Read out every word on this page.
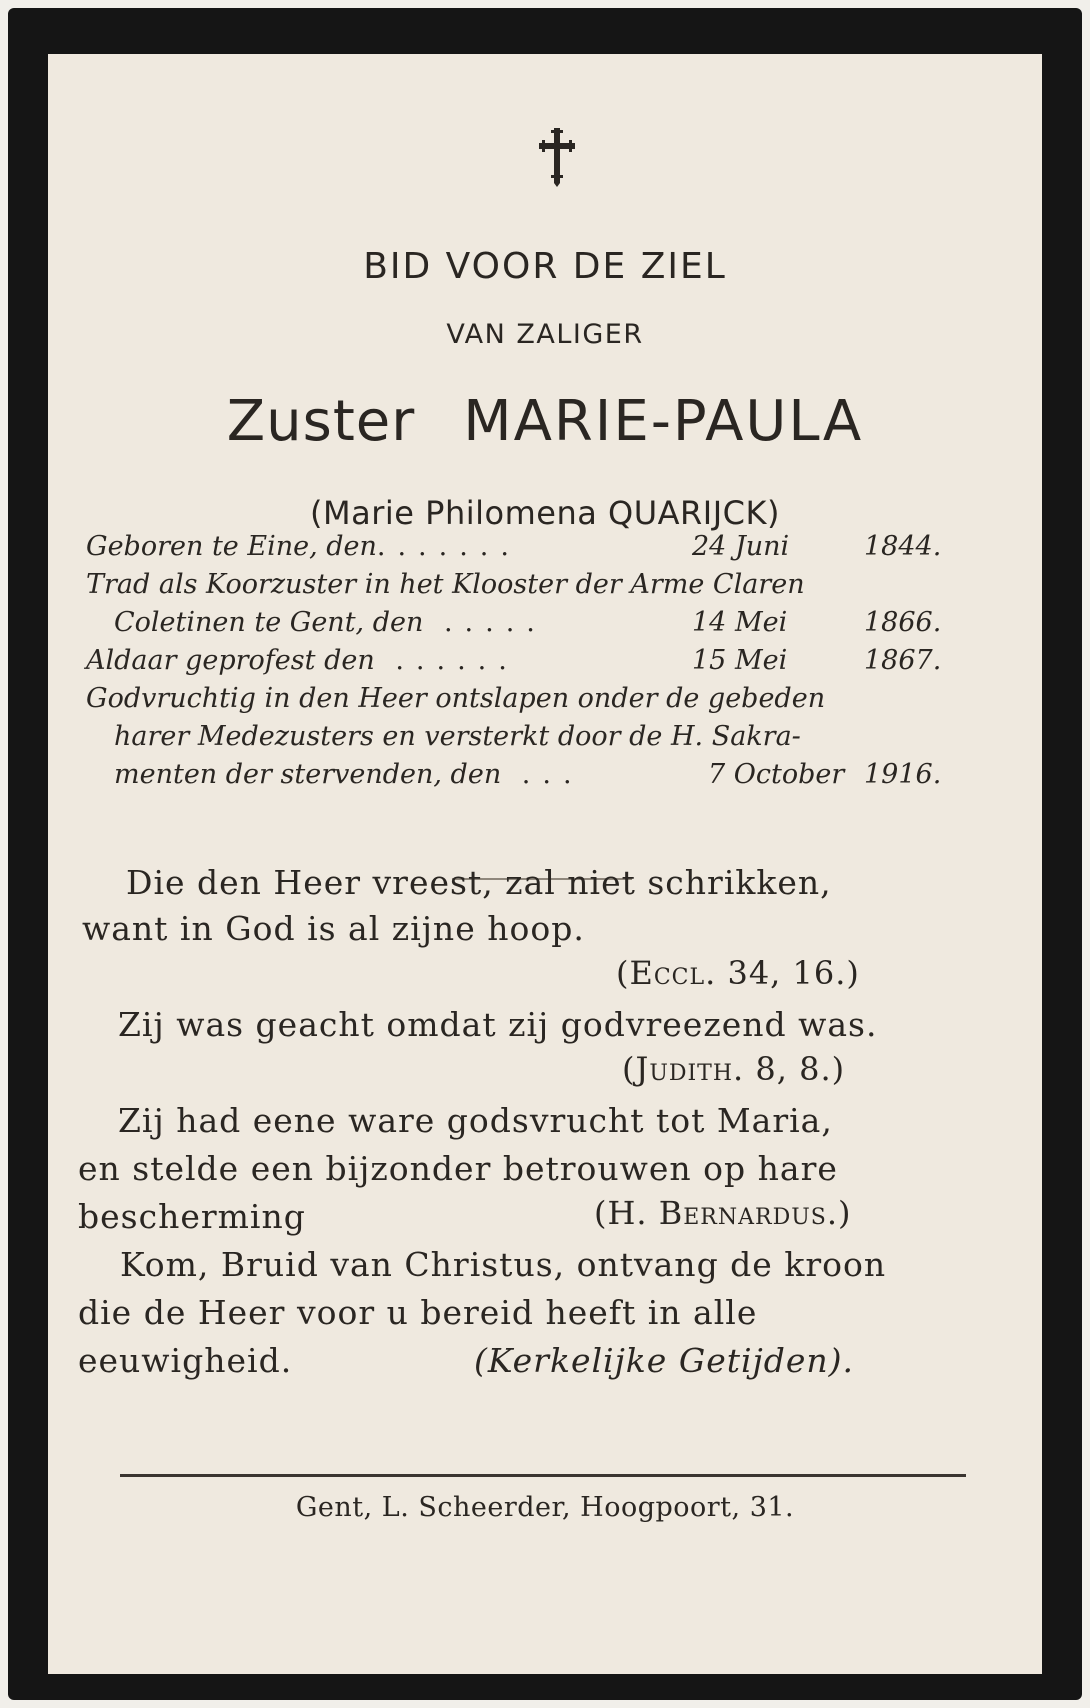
BID VOOR DE ZIEL
VAN ZALIGER
Zuster MARIE-PAULA
(Marie Philomena QUARIJCK)
Geboren te Eine, den.......	24 Juni	1844.
Trad als Koorzuster in het Klooster der Arme Claren
Coletinen te Gent, den .....	14 Mei	1866.
Aldaar geprofest den ......	15 Mei	1867.
Godvruchtig in den Heer ontslapen onder de gebeden
harer Medezusters en versterkt door de H. Sakra-
menten der stervenden, den ...	7 October 1916.
Die den Heer vreest, zal niet schrikken,
want in God is al zijne hoop.
(Eccl. 34, 16.)
Zij was geacht omdat zij godvreezend was.
(Judith. 8, 8.)
Zij had eene ware godsvrucht tot Maria,
en stelde een bijzonder betrouwen op hare
bescherming	(H. Bernardus.)
Kom, Bruid van Christus, ontvang de kroon
die de Heer voor u bereid heeft in alle
eeuwigheid.	(Kerkelijke Getijden).
Gent, L. Scheerder, Hoogpoort, 31.
